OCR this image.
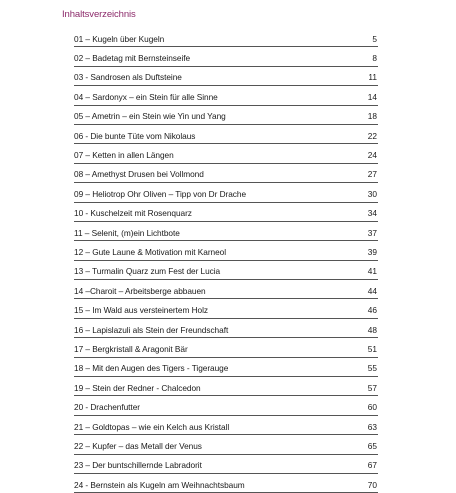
Inhaltsverzeichnis
01 – Kugeln über Kugeln	5
02 – Badetag mit Bernsteinseife	8
03 - Sandrosen als Duftsteine	11
04 – Sardonyx – ein Stein für alle Sinne	14
05 – Ametrin – ein Stein wie Yin und Yang	18
06 - Die bunte Tüte vom Nikolaus	22
07 – Ketten in allen Längen	24
08 – Amethyst Drusen bei Vollmond	27
09 – Heliotrop Ohr Oliven – Tipp von Dr Drache	30
10 - Kuschelzeit mit Rosenquarz	34
11 – Selenit, (m)ein Lichtbote	37
12 – Gute Laune & Motivation mit Karneol	39
13 – Turmalin Quarz zum Fest der Lucia	41
14 –Charoit – Arbeitsberge abbauen	44
15 – Im Wald aus versteinertem Holz	46
16 – Lapislazuli als Stein der Freundschaft	48
17 – Bergkristall & Aragonit Bär	51
18 – Mit den Augen des Tigers - Tigerauge	55
19 – Stein der Redner - Chalcedon	57
20 - Drachenfutter	60
21 – Goldtopas – wie ein Kelch aus Kristall	63
22 – Kupfer – das Metall der Venus	65
23 – Der buntschillernde Labradorit	67
24 - Bernstein als Kugeln am Weihnachtsbaum	70
